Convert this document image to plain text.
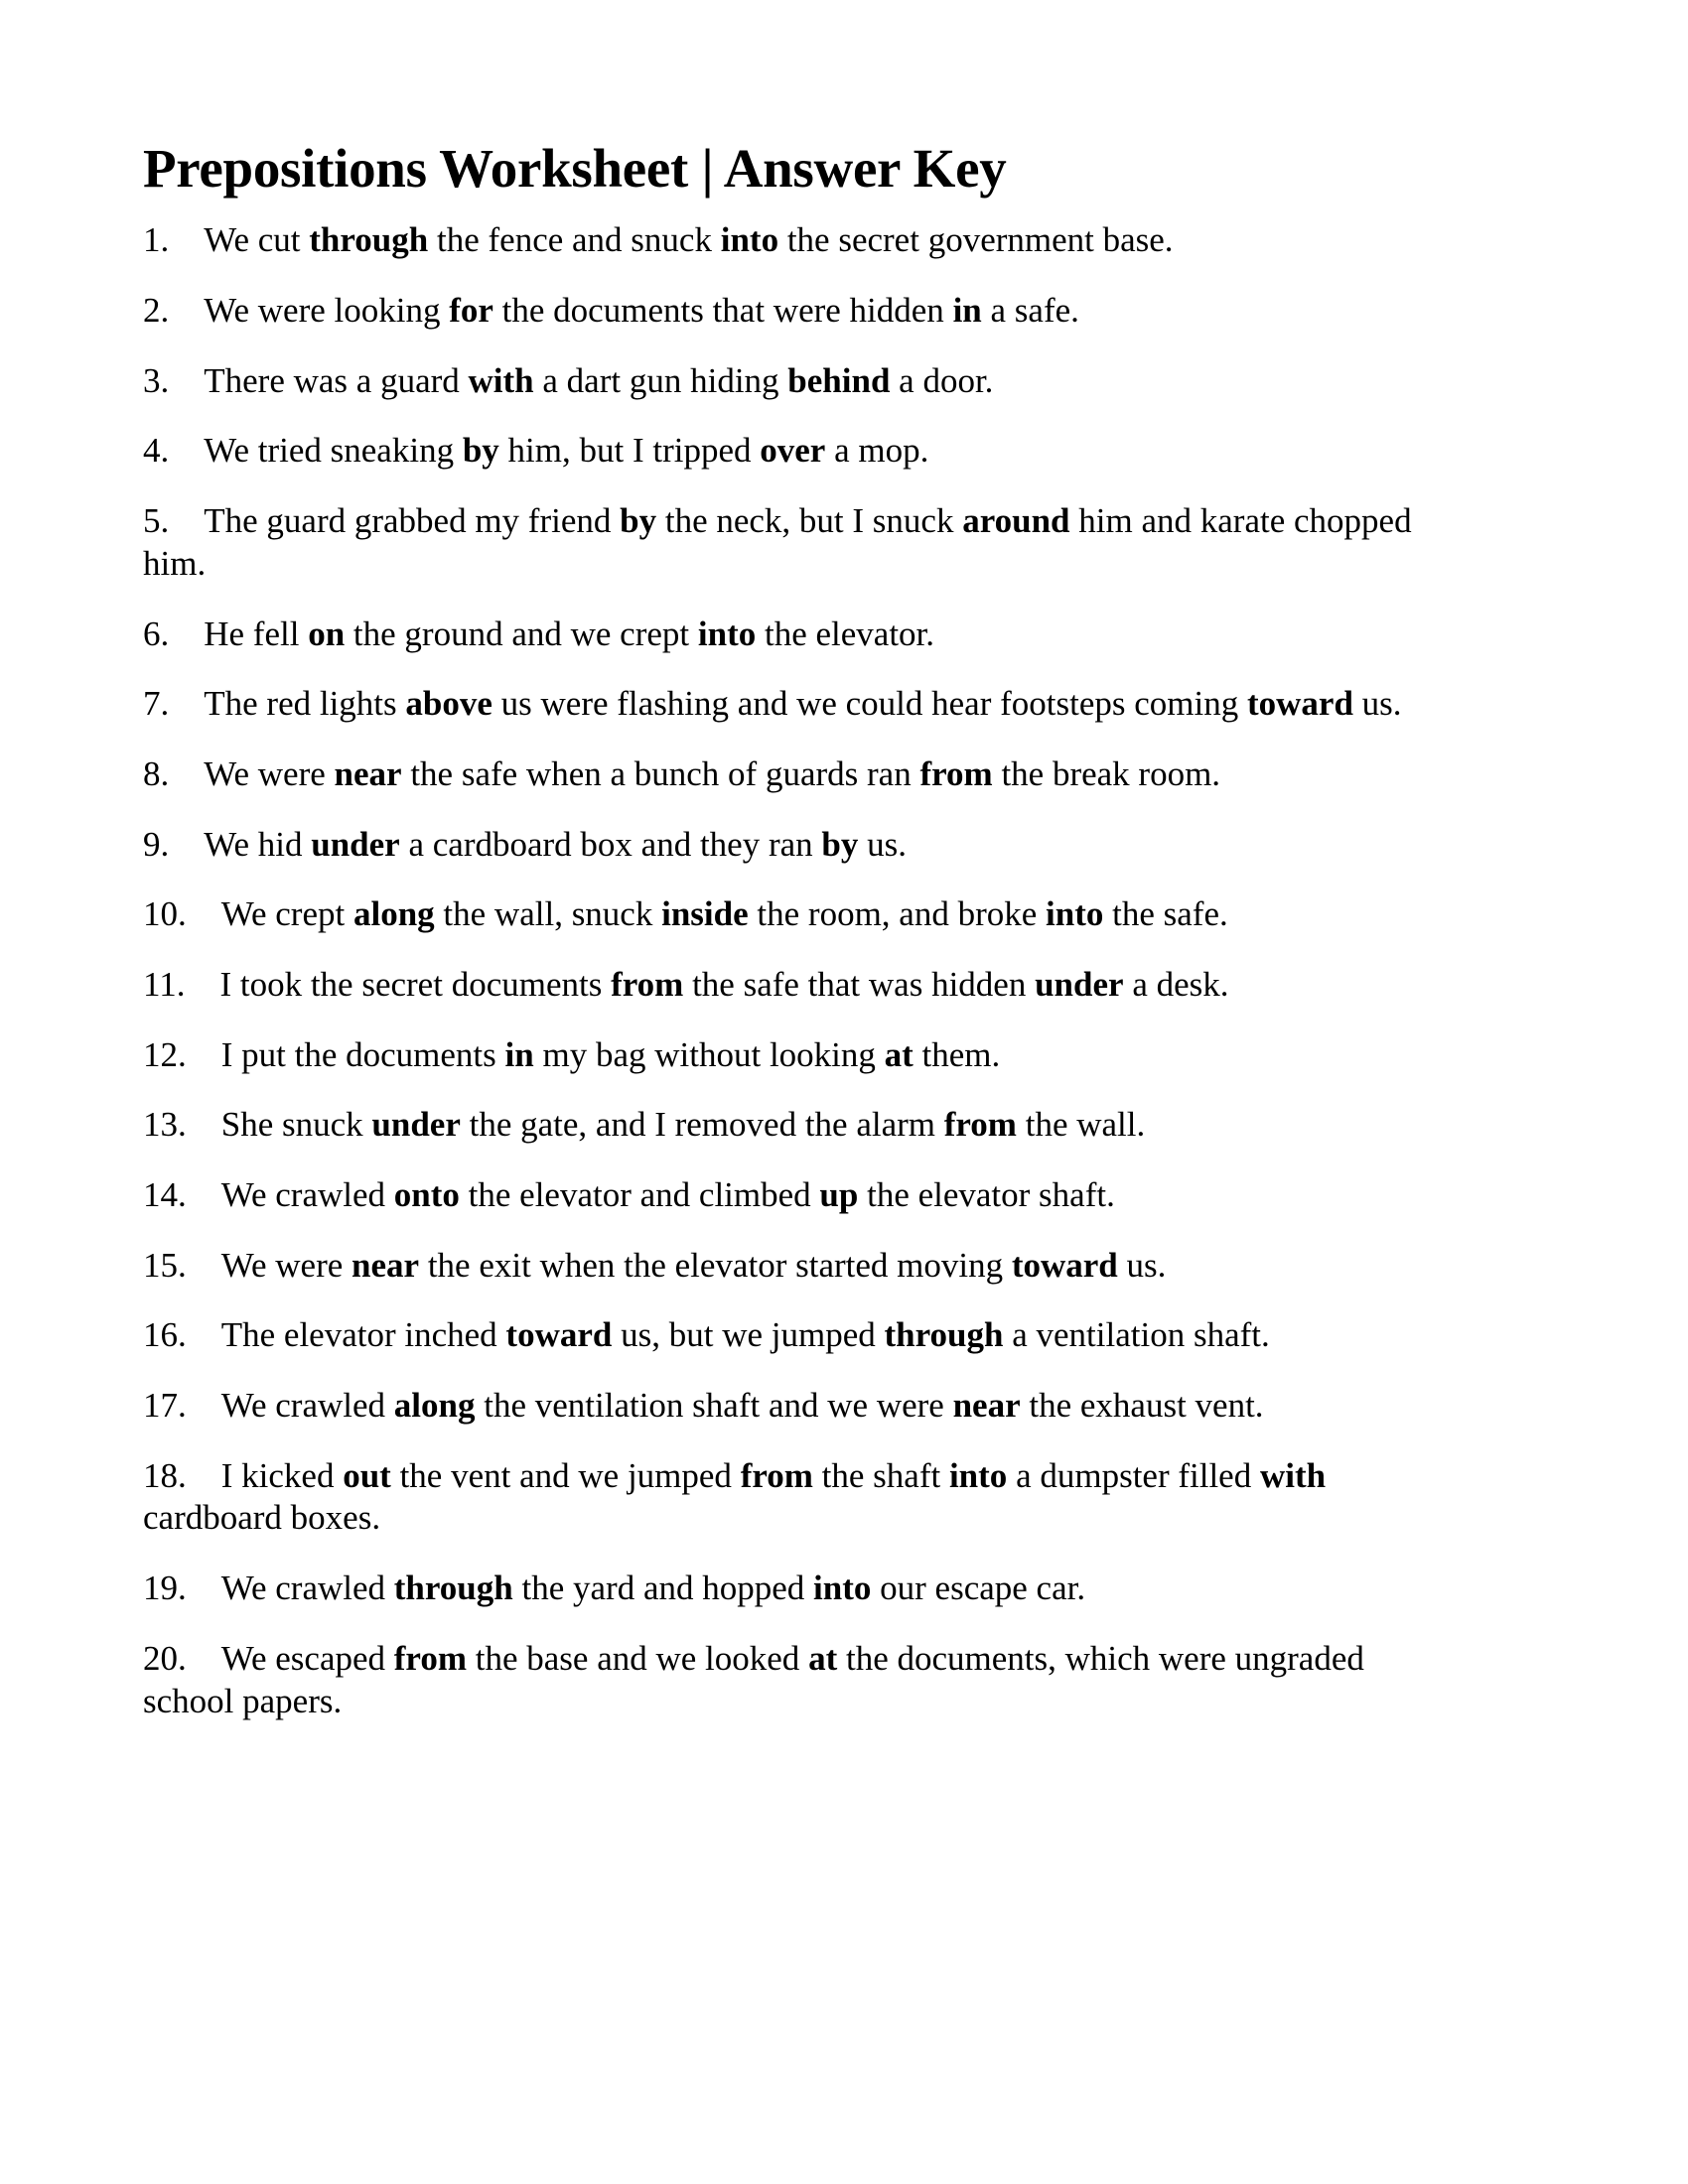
Prepositions Worksheet | Answer Key
1.  We cut through the fence and snuck into the secret government base.
2.  We were looking for the documents that were hidden in a safe.
3.  There was a guard with a dart gun hiding behind a door.
4.  We tried sneaking by him, but I tripped over a mop.
5.  The guard grabbed my friend by the neck, but I snuck around him and karate chopped him.
6.  He fell on the ground and we crept into the elevator.
7.  The red lights above us were flashing and we could hear footsteps coming toward us.
8.  We were near the safe when a bunch of guards ran from the break room.
9.  We hid under a cardboard box and they ran by us.
10.  We crept along the wall, snuck inside the room, and broke into the safe.
11.  I took the secret documents from the safe that was hidden under a desk.
12.  I put the documents in my bag without looking at them.
13.  She snuck under the gate, and I removed the alarm from the wall.
14.  We crawled onto the elevator and climbed up the elevator shaft.
15.  We were near the exit when the elevator started moving toward us.
16.  The elevator inched toward us, but we jumped through a ventilation shaft.
17.  We crawled along the ventilation shaft and we were near the exhaust vent.
18.  I kicked out the vent and we jumped from the shaft into a dumpster filled with cardboard boxes.
19.  We crawled through the yard and hopped into our escape car.
20.  We escaped from the base and we looked at the documents, which were ungraded school papers.
